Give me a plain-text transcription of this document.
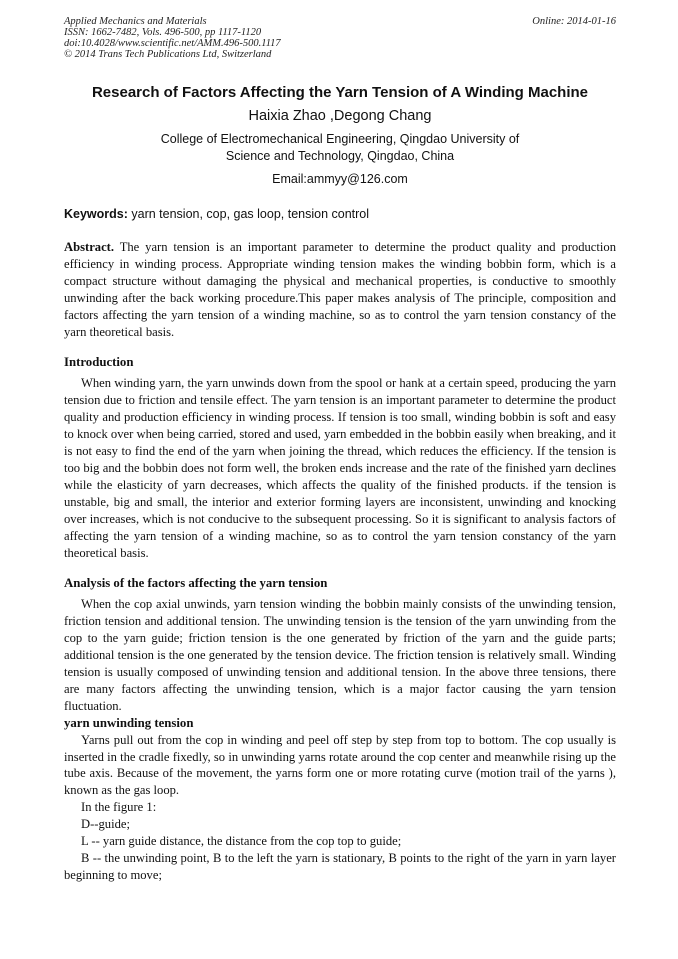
Applied Mechanics and Materials	Online: 2014-01-16
ISSN: 1662-7482, Vols. 496-500, pp 1117-1120
doi:10.4028/www.scientific.net/AMM.496-500.1117
© 2014 Trans Tech Publications Ltd, Switzerland
Research of Factors Affecting the Yarn Tension of A Winding Machine
Haixia Zhao ,Degong Chang
College of Electromechanical Engineering, Qingdao University of
Science and Technology, Qingdao, China
Email:ammyy@126.com
Keywords: yarn tension, cop, gas loop, tension control
Abstract. The yarn tension is an important parameter to determine the product quality and production efficiency in winding process. Appropriate winding tension makes the winding bobbin form, which is a compact structure without damaging the physical and mechanical properties, is conductive to smoothly unwinding after the back working procedure.This paper makes analysis of The principle, composition and factors affecting the yarn tension of a winding machine, so as to control the yarn tension constancy of the yarn theoretical basis.
Introduction

When winding yarn, the yarn unwinds down from the spool or hank at a certain speed, producing the yarn tension due to friction and tensile effect. The yarn tension is an important parameter to determine the product quality and production efficiency in winding process. If tension is too small, winding bobbin is soft and easy to knock over when being carried, stored and used, yarn embedded in the bobbin easily when breaking, and it is not easy to find the end of the yarn when joining the thread, which reduces the efficiency. If the tension is too big and the bobbin does not form well, the broken ends increase and the rate of the finished yarn declines while the elasticity of yarn decreases, which affects the quality of the finished products. if the tension is unstable, big and small, the interior and exterior forming layers are inconsistent, unwinding and knocking over increases, which is not conducive to the subsequent processing. So it is significant to analysis factors of affecting the yarn tension of a winding machine, so as to control the yarn tension constancy of the yarn theoretical basis.

Analysis of the factors affecting the yarn tension

When the cop axial unwinds, yarn tension winding the bobbin mainly consists of the unwinding tension, friction tension and additional tension. The unwinding tension is the tension of the yarn unwinding from the cop to the yarn guide; friction tension is the one generated by friction of the yarn and the guide parts; additional tension is the one generated by the tension device. The friction tension is relatively small. Winding tension is usually composed of unwinding tension and additional tension. In the above three tensions, there are many factors affecting the unwinding tension, which is a major factor causing the yarn tension fluctuation.

yarn unwinding tension

Yarns pull out from the cop in winding and peel off step by step from top to bottom. The cop usually is inserted in the cradle fixedly, so in unwinding yarns rotate around the cop center and meanwhile rising up the tube axis. Because of the movement, the yarns form one or more rotating curve (motion trail of the yarns ), known as the gas loop.

In the figure 1:

D--guide;

L -- yarn guide distance, the distance from the cop top to guide;

B -- the unwinding point, B to the left the yarn is stationary, B points to the right of the yarn in yarn layer beginning to move;
